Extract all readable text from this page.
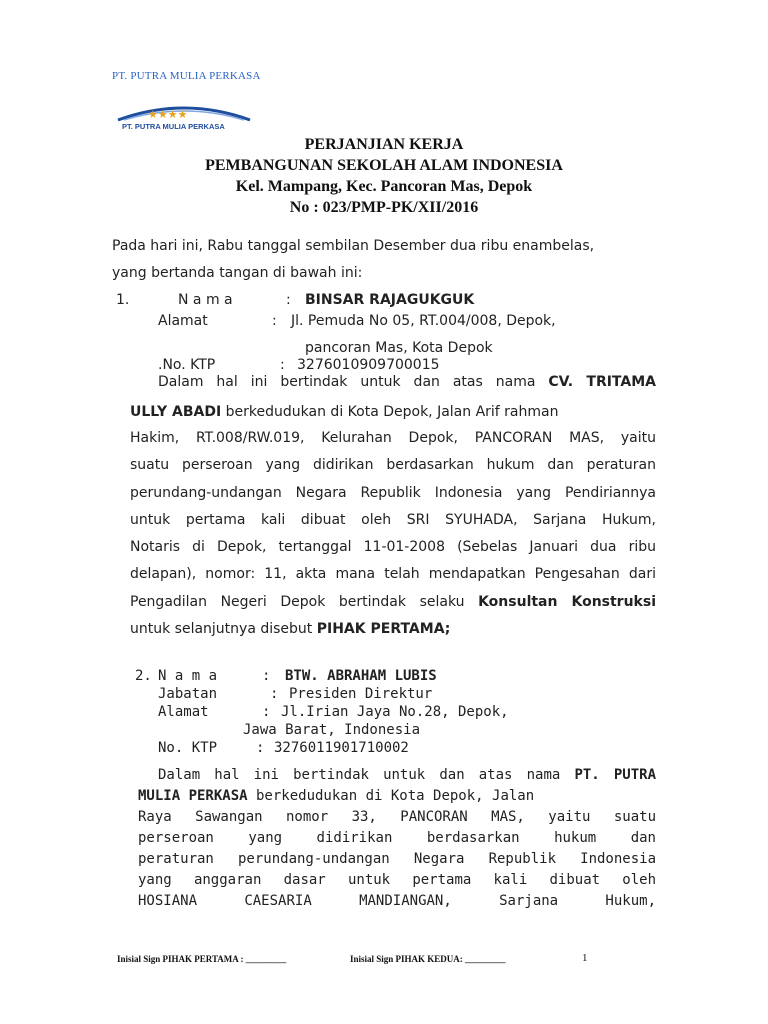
PT. PUTRA MULIA PERKASA
★★★★
PT. PUTRA MULIA PERKASA
PERJANJIAN KERJA
PEMBANGUNAN SEKOLAH ALAM INDONESIA
Kel. Mampang, Kec. Pancoran Mas, Depok
No : 023/PMP-PK/XII/2016
Pada hari ini, Rabu tanggal sembilan Desember dua ribu enambelas,
yang bertanda tangan di bawah ini:
1.	N a m a	: BINSAR RAJAGUKGUK
Alamat	: Jl. Pemuda No 05, RT.004/008, Depok,
pancoran Mas, Kota Depok
.No. KTP	: 3276010909700015
Dalam hal ini bertindak untuk dan atas nama CV. TRITAMA
ULLY ABADI berkedudukan di Kota Depok, Jalan Arif rahman
Hakim, RT.008/RW.019, Kelurahan Depok, PANCORAN MAS, yaitu
suatu perseroan yang didirikan berdasarkan hukum dan peraturan
perundang-undangan Negara Republik Indonesia yang Pendiriannya
untuk pertama kali dibuat oleh SRI SYUHADA, Sarjana Hukum,
Notaris di Depok, tertanggal 11-01-2008 (Sebelas Januari dua ribu
delapan), nomor: 11, akta mana telah mendapatkan Pengesahan dari
Pengadilan Negeri Depok bertindak selaku Konsultan Konstruksi
untuk selanjutnya disebut PIHAK PERTAMA;
2. N a m a	: BTW. ABRAHAM LUBIS
Jabatan	: Presiden Direktur
Alamat	: Jl.Irian Jaya No.28, Depok,
Jawa Barat, Indonesia
No. KTP	: 3276011901710002
Dalam hal ini bertindak untuk dan atas nama PT. PUTRA
MULIA PERKASA berkedudukan di Kota Depok, Jalan
Raya Sawangan nomor 33, PANCORAN MAS, yaitu suatu
perseroan yang didirikan berdasarkan hukum dan
peraturan perundang-undangan Negara Republik Indonesia
yang anggaran dasar untuk pertama kali dibuat oleh
HOSIANA CAESARIA MANDIANGAN, Sarjana Hukum,
Inisial Sign PIHAK PERTAMA : _________	Inisial Sign PIHAK KEDUA: _________	1
